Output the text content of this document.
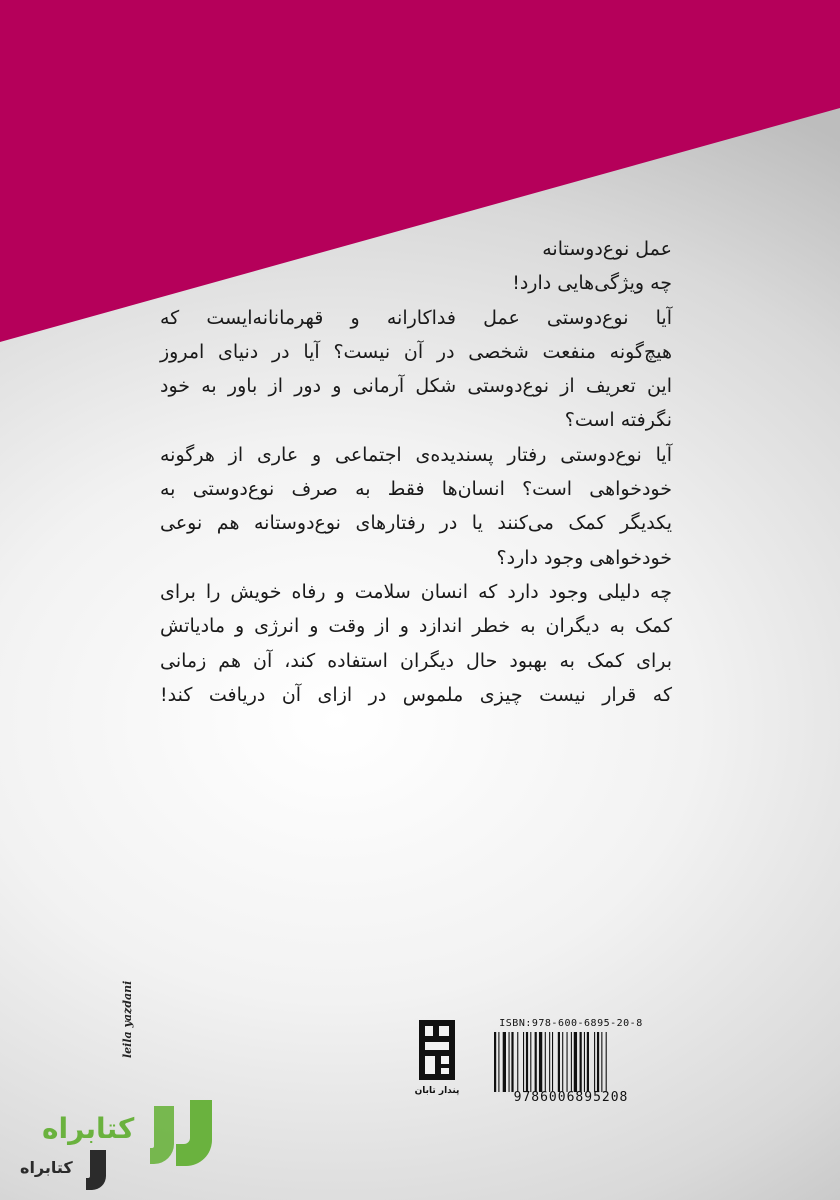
عمل نوع‌دوستانه
چه ویژگی‌هایی دارد!
آیا نوع‌دوستی عمل فداکارانه و قهرمانانه‌ایست که
هیچ‌گونه منفعت شخصی در آن نیست؟ آیا در دنیای امروز
این تعریف از نوع‌دوستی شکل آرمانی و دور از باور به خود
نگرفته است؟
آیا نوع‌دوستی رفتار پسندیده‌ی اجتماعی و عاری از هرگونه
خودخواهی است؟ انسان‌ها فقط به صرف نوع‌دوستی به
یکدیگر کمک می‌کنند یا در رفتارهای نوع‌دوستانه هم نوعی
خودخواهی وجود دارد؟
چه دلیلی وجود دارد که انسان سلامت و رفاه خویش را برای
کمک به دیگران به خطر اندازد و از وقت و انرژی و مادیاتش
برای کمک به بهبود حال دیگران استفاده کند، آن هم زمانی
که قرار نیست چیزی ملموس در ازای آن دریافت کند!
leila yazdani
پندار تابان
ISBN:978-600-6895-20-8
9786006895208
کتابراه
کتابراه
